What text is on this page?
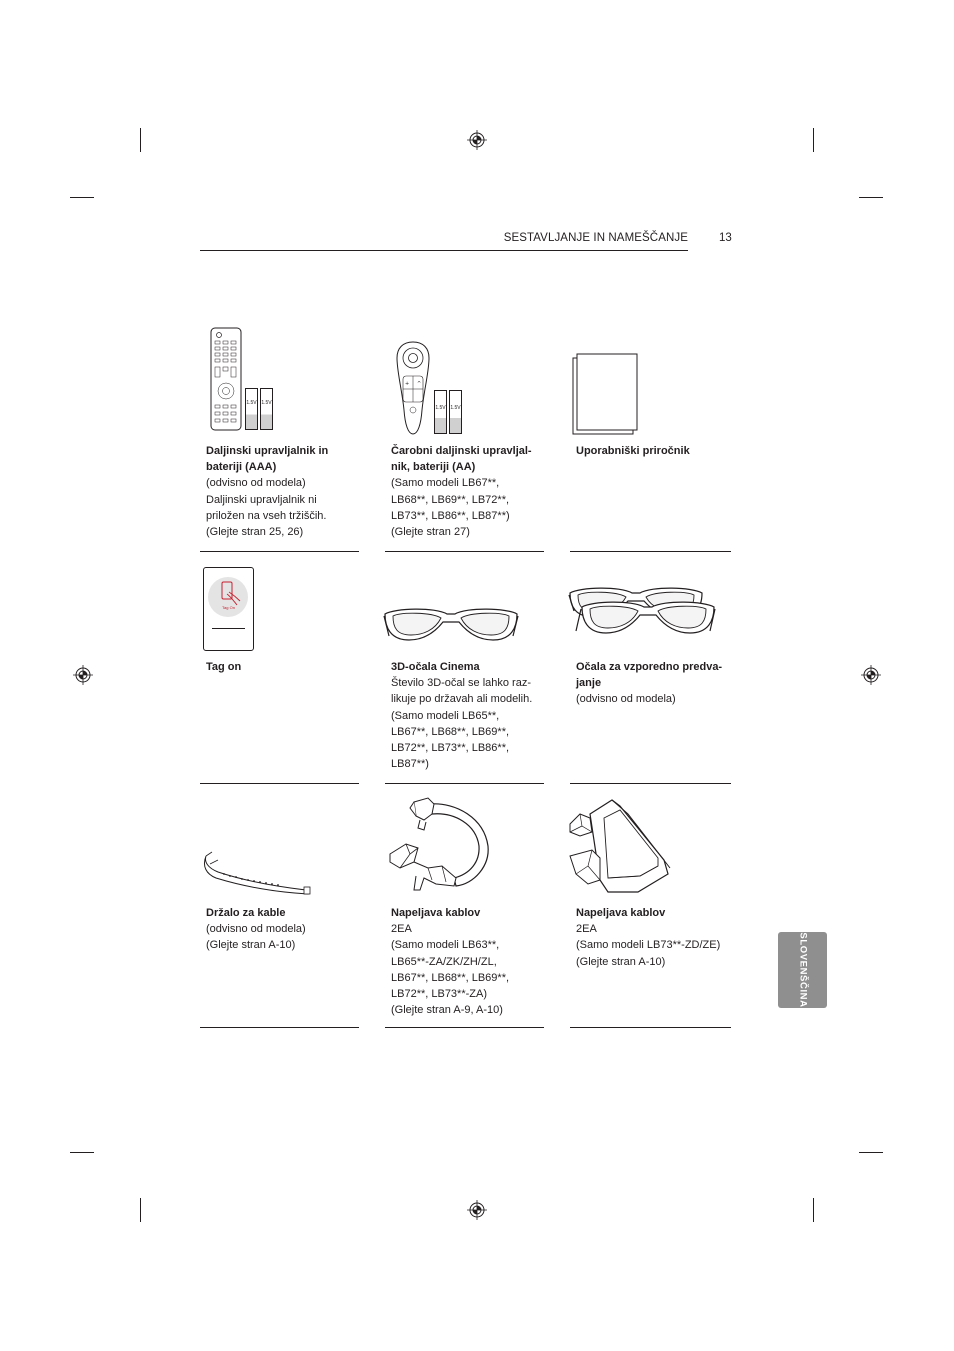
SESTAVLJANJE IN NAMEŠČANJE	13
1.5V 1.5V
+ ^
1.5V 1.5V
Daljinski upravljalnik in
bateriji (AAA)
(odvisno od modela)
Daljinski upravljalnik ni
priložen na vseh tržiščih.
(Glejte stran 25, 26)
Čarobni daljinski upravljal-
nik, bateriji (AA)
(Samo modeli LB67**,
LB68**, LB69**, LB72**,
LB73**, LB86**, LB87**)
(Glejte stran 27)
Uporabniški priročnik
Tag On
Tag on	3D-očala Cinema
Število 3D-očal se lahko raz-
likuje po državah ali modelih.
(Samo modeli LB65**,
LB67**, LB68**, LB69**,
LB72**, LB73**, LB86**,
LB87**)
Očala za vzporedno predva-
janje
(odvisno od modela)
Držalo za kable
(odvisno od modela)
(Glejte stran A-10)
Napeljava kablov
2EA
(Samo modeli LB63**,
LB65**-ZA/ZK/ZH/ZL,
LB67**, LB68**, LB69**,
LB72**, LB73**-ZA)
(Glejte stran A-9, A-10)
Napeljava kablov
2EA
(Samo modeli LB73**-ZD/ZE)
(Glejte stran A-10)	SLOVENŠČINA
